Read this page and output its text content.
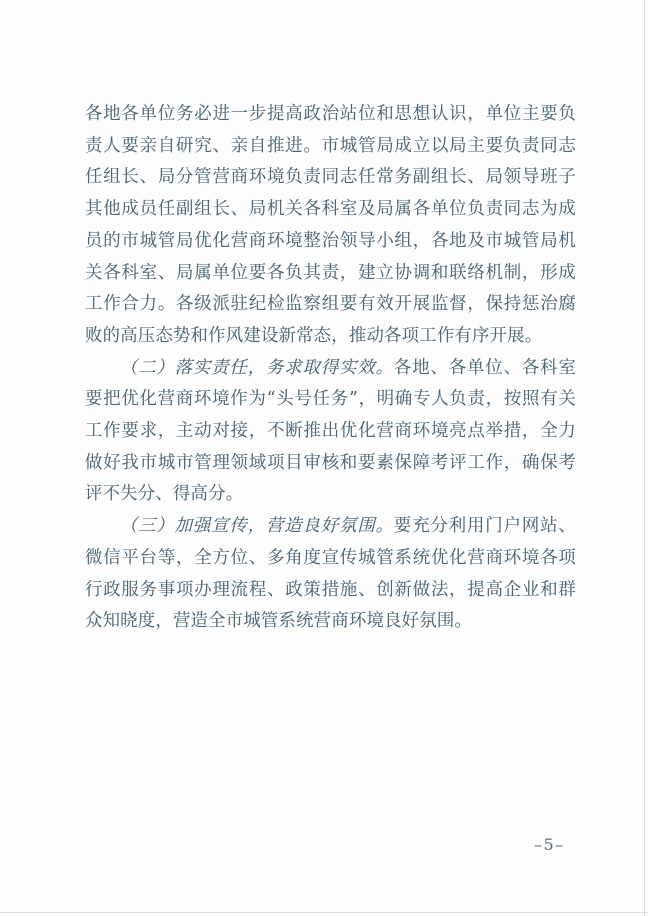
各地各单位务必进一步提高政治站位和思想认识，单位主要负责人要亲自研究、亲自推进。市城管局成立以局主要负责同志任组长、局分管营商环境负责同志任常务副组长、局领导班子其他成员任副组长、局机关各科室及局属各单位负责同志为成员的市城管局优化营商环境整治领导小组，各地及市城管局机关各科室、局属单位要各负其责，建立协调和联络机制，形成工作合力。各级派驻纪检监察组要有效开展监督，保持惩治腐败的高压态势和作风建设新常态，推动各项工作有序开展。

（二）落实责任，务求取得实效。各地、各单位、各科室要把优化营商环境作为“头号任务”，明确专人负责，按照有关工作要求，主动对接，不断推出优化营商环境亮点举措，全力做好我市城市管理领域项目审核和要素保障考评工作，确保考评不失分、得高分。

（三）加强宣传，营造良好氛围。要充分利用门户网站、微信平台等，全方位、多角度宣传城管系统优化营商环境各项行政服务事项办理流程、政策措施、创新做法，提高企业和群众知晓度，营造全市城管系统营商环境良好氛围。

–5–
